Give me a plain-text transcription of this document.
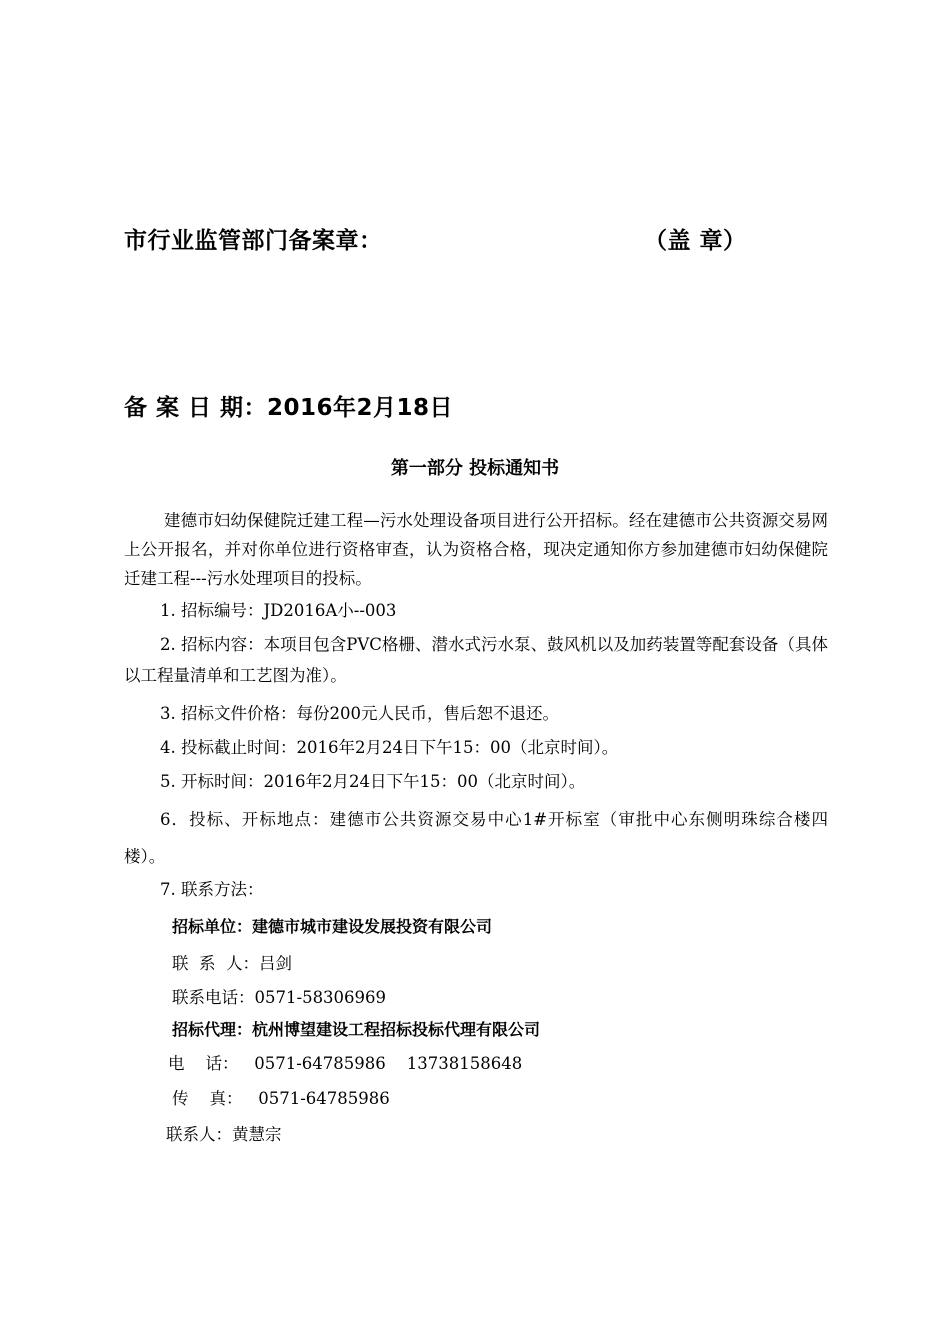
市行业监管部门备案章：	（盖 章）
备 案 日 期：2016年2月18日
第一部分 投标通知书
建德市妇幼保健院迁建工程—污水处理设备项目进行公开招标。经在建德市公共资源交易网上公开报名，并对你单位进行资格审查，认为资格合格，现决定通知你方参加建德市妇幼保健院迁建工程---污水处理项目的投标。
1. 招标编号：JD2016A小--003
2. 招标内容：本项目包含PVC格栅、潜水式污水泵、鼓风机以及加药装置等配套设备（具体以工程量清单和工艺图为准）。
3. 招标文件价格：每份200元人民币，售后恕不退还。
4. 投标截止时间：2016年2月24日下午15：00（北京时间）。
5. 开标时间：2016年2月24日下午15：00（北京时间）。
6．投标、开标地点：建德市公共资源交易中心1#开标室（审批中心东侧明珠综合楼四楼）。
7. 联系方法：
招标单位：建德市城市建设发展投资有限公司
联  系  人：吕剑
联系电话：0571-58306969
招标代理：杭州博望建设工程招标投标代理有限公司
电    话：   0571-64785986    13738158648
传    真：   0571-64785986
联系人：黄慧宗
